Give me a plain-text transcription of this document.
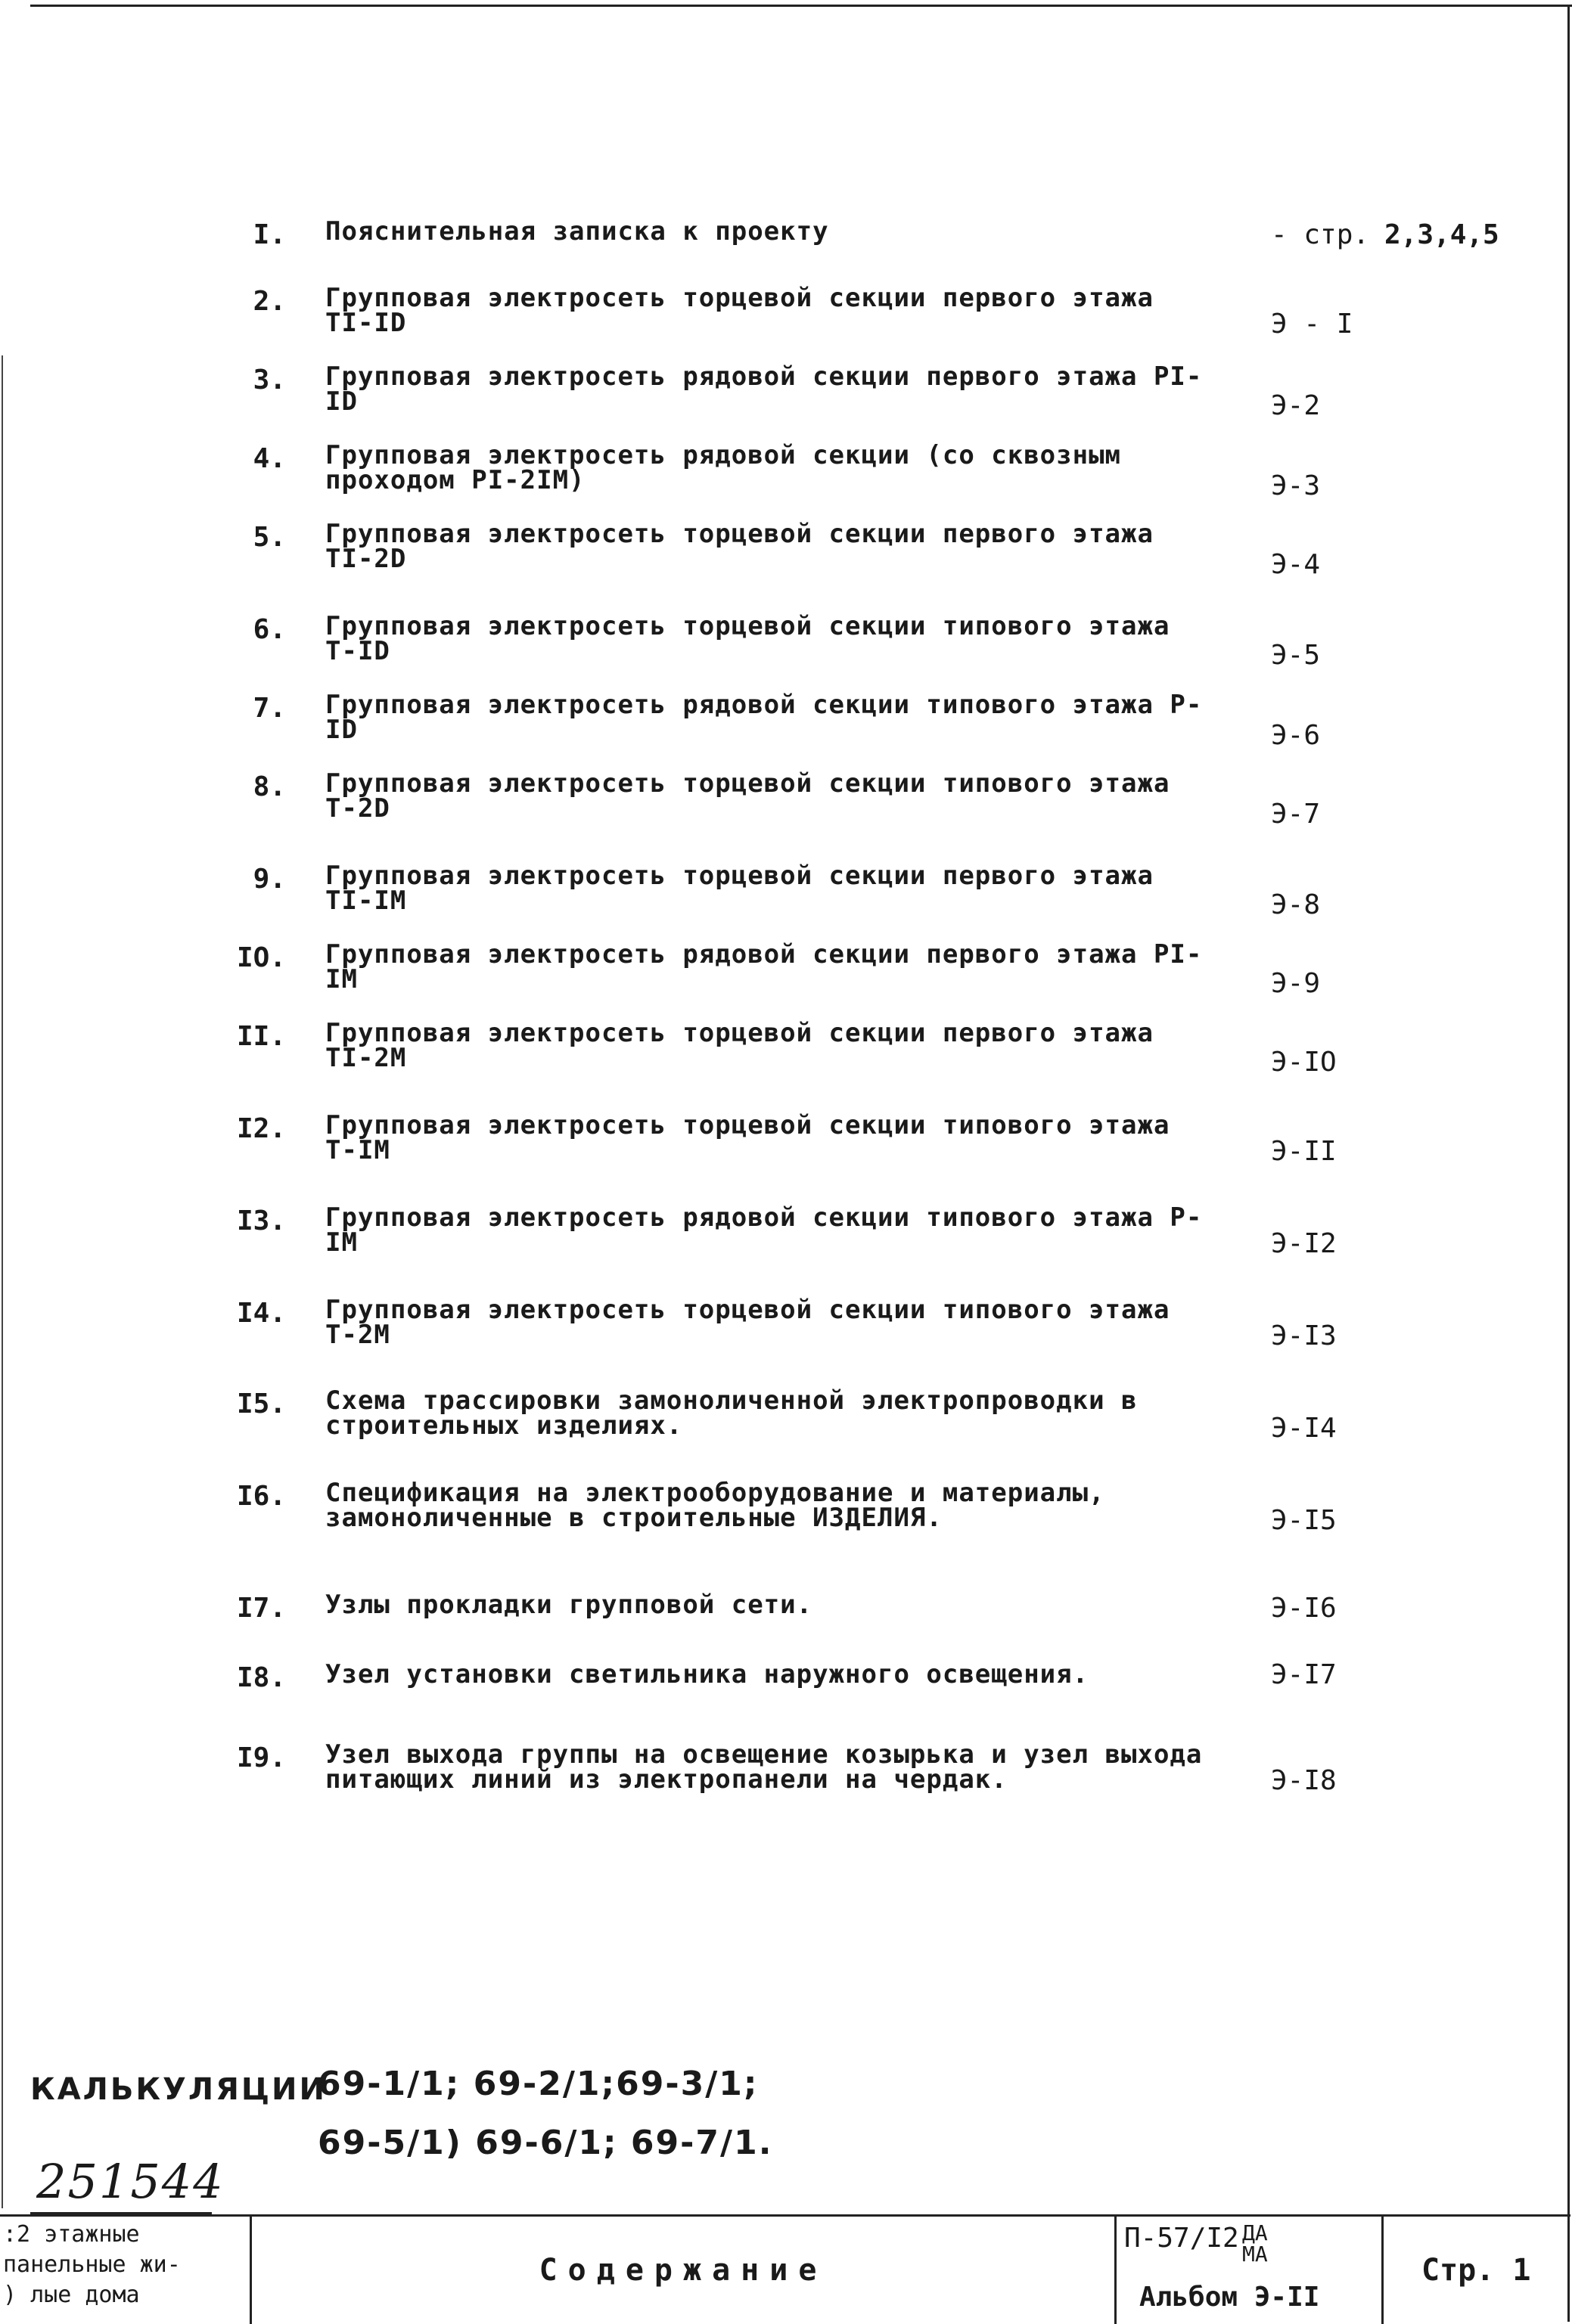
I. Пояснительная записка к проекту	- стр. 2,3,4,5
2. Групповая электросеть торцевой секции первого этажа TI-ID	Э - I
3. Групповая электросеть рядовой секции первого этажа PI-ID	Э-2
4. Групповая электросеть рядовой секции (со сквозным проходом PI-2IM)	Э-3
5. Групповая электросеть торцевой секции первого этажа TI-2D	Э-4
6. Групповая электросеть торцевой секции типового этажа T-ID	Э-5
7. Групповая электросеть рядовой секции типового этажа P-ID	Э-6
8. Групповая электросеть торцевой секции типового этажа T-2D	Э-7
9. Групповая электросеть торцевой секции первого этажа TI-IM	Э-8
IO. Групповая электросеть рядовой секции первого этажа PI-IM	Э-9
II. Групповая электросеть торцевой секции первого этажа TI-2M	Э-IO
I2. Групповая электросеть торцевой секции типового этажа T-IM	Э-II
I3. Групповая электросеть рядовой секции типового этажа P-IM	Э-I2
I4. Групповая электросеть торцевой секции типового этажа T-2M	Э-I3
I5. Схема трассировки замоноличенной электропроводки в строительных изделиях.	Э-I4
I6. Спецификация на электрооборудование и материалы, замоноличенные в строительные ИЗДЕЛИЯ.	Э-I5
I7. Узлы прокладки групповой сети.	Э-I6
I8. Узел установки светильника наружного освещения.	Э-I7
I9. Узел выхода группы на освещение козырька и узел выхода питающих линий из электропанели на чердак.	Э-I8
КАЛЬКУЛЯЦИИ
69-1/1; 69-2/1;69-3/1;
69-5/1) 69-6/1; 69-7/1.
251544
:2 этажные
панельные жи-
) лые дома
Содержание
П-57/I2 ДА
МА
Альбом Э-II
Стр. 1
